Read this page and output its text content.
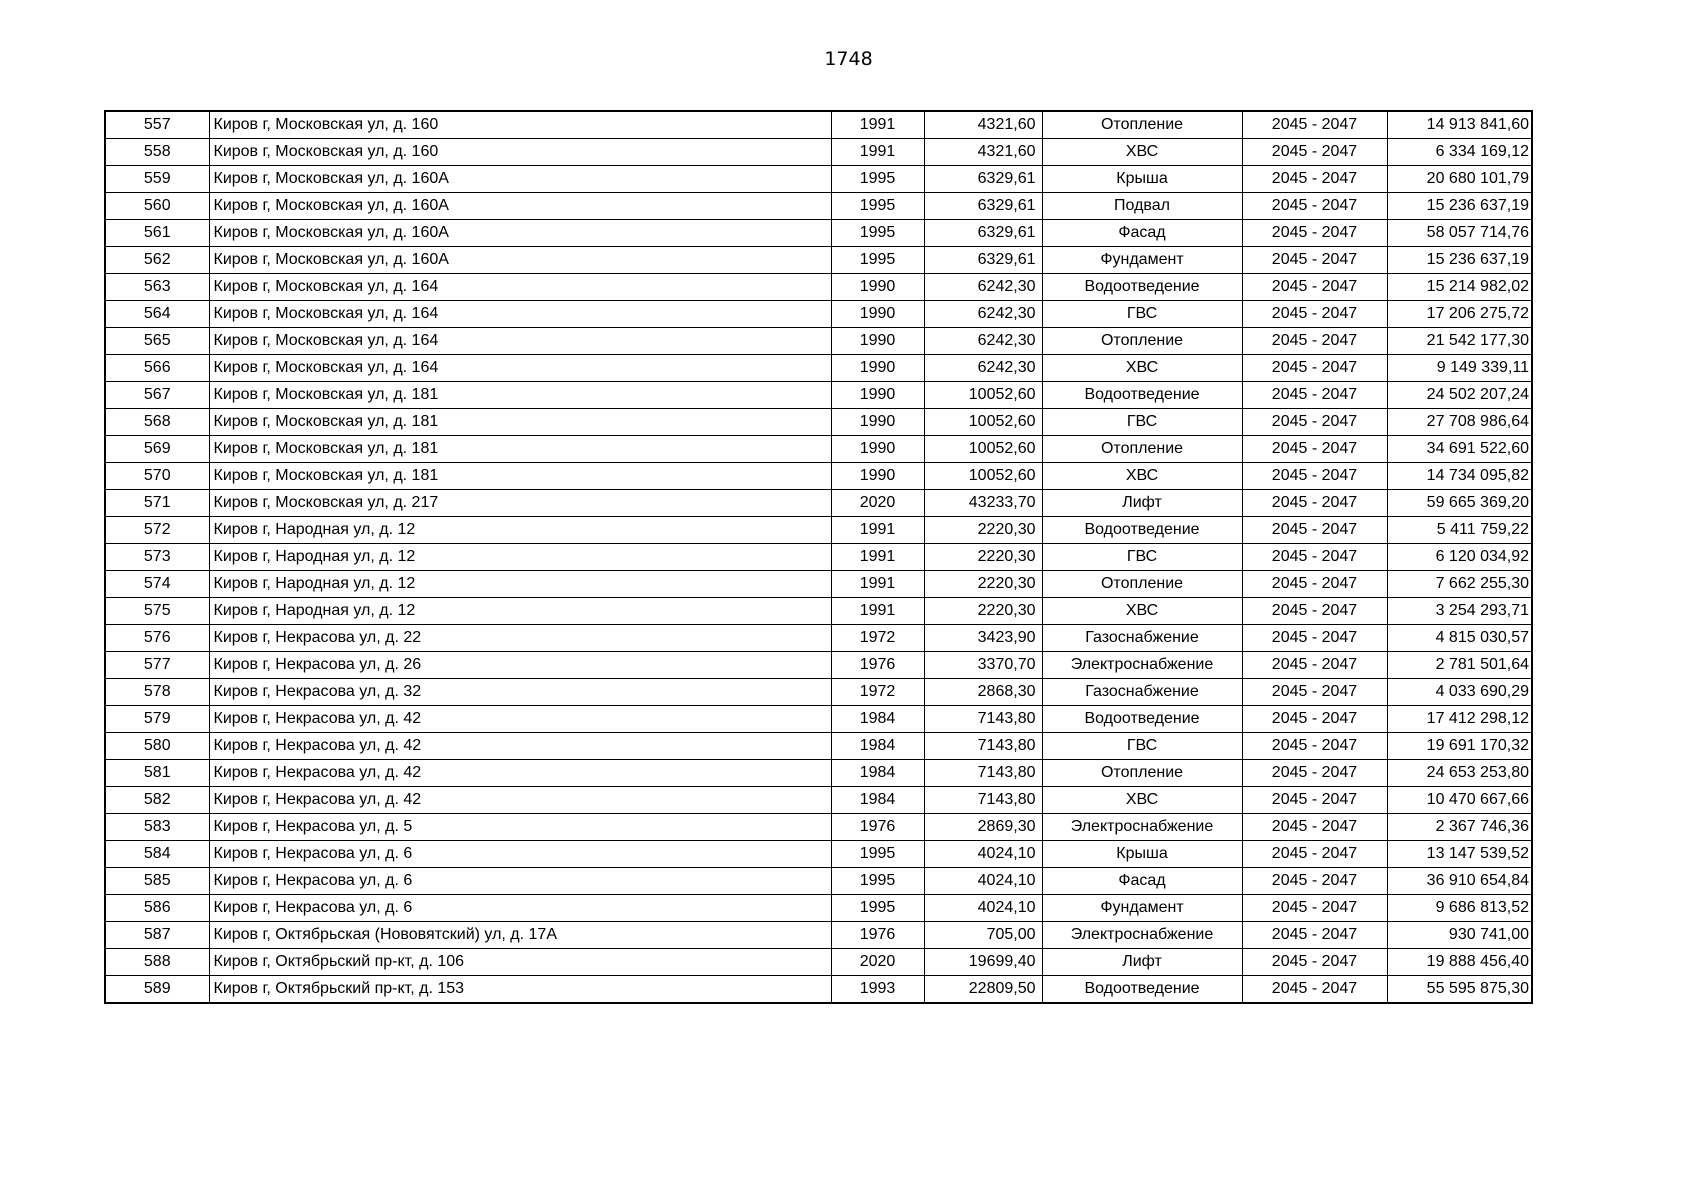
1748
557	Киров г, Московская ул, д. 160	1991	4321,60	Отопление	2045 - 2047	14 913 841,60
558	Киров г, Московская ул, д. 160	1991	4321,60	ХВС	2045 - 2047	6 334 169,12
559	Киров г, Московская ул, д. 160А	1995	6329,61	Крыша	2045 - 2047	20 680 101,79
560	Киров г, Московская ул, д. 160А	1995	6329,61	Подвал	2045 - 2047	15 236 637,19
561	Киров г, Московская ул, д. 160А	1995	6329,61	Фасад	2045 - 2047	58 057 714,76
562	Киров г, Московская ул, д. 160А	1995	6329,61	Фундамент	2045 - 2047	15 236 637,19
563	Киров г, Московская ул, д. 164	1990	6242,30	Водоотведение	2045 - 2047	15 214 982,02
564	Киров г, Московская ул, д. 164	1990	6242,30	ГВС	2045 - 2047	17 206 275,72
565	Киров г, Московская ул, д. 164	1990	6242,30	Отопление	2045 - 2047	21 542 177,30
566	Киров г, Московская ул, д. 164	1990	6242,30	ХВС	2045 - 2047	9 149 339,11
567	Киров г, Московская ул, д. 181	1990	10052,60	Водоотведение	2045 - 2047	24 502 207,24
568	Киров г, Московская ул, д. 181	1990	10052,60	ГВС	2045 - 2047	27 708 986,64
569	Киров г, Московская ул, д. 181	1990	10052,60	Отопление	2045 - 2047	34 691 522,60
570	Киров г, Московская ул, д. 181	1990	10052,60	ХВС	2045 - 2047	14 734 095,82
571	Киров г, Московская ул, д. 217	2020	43233,70	Лифт	2045 - 2047	59 665 369,20
572	Киров г, Народная ул, д. 12	1991	2220,30	Водоотведение	2045 - 2047	5 411 759,22
573	Киров г, Народная ул, д. 12	1991	2220,30	ГВС	2045 - 2047	6 120 034,92
574	Киров г, Народная ул, д. 12	1991	2220,30	Отопление	2045 - 2047	7 662 255,30
575	Киров г, Народная ул, д. 12	1991	2220,30	ХВС	2045 - 2047	3 254 293,71
576	Киров г, Некрасова ул, д. 22	1972	3423,90	Газоснабжение	2045 - 2047	4 815 030,57
577	Киров г, Некрасова ул, д. 26	1976	3370,70	Электроснабжение	2045 - 2047	2 781 501,64
578	Киров г, Некрасова ул, д. 32	1972	2868,30	Газоснабжение	2045 - 2047	4 033 690,29
579	Киров г, Некрасова ул, д. 42	1984	7143,80	Водоотведение	2045 - 2047	17 412 298,12
580	Киров г, Некрасова ул, д. 42	1984	7143,80	ГВС	2045 - 2047	19 691 170,32
581	Киров г, Некрасова ул, д. 42	1984	7143,80	Отопление	2045 - 2047	24 653 253,80
582	Киров г, Некрасова ул, д. 42	1984	7143,80	ХВС	2045 - 2047	10 470 667,66
583	Киров г, Некрасова ул, д. 5	1976	2869,30	Электроснабжение	2045 - 2047	2 367 746,36
584	Киров г, Некрасова ул, д. 6	1995	4024,10	Крыша	2045 - 2047	13 147 539,52
585	Киров г, Некрасова ул, д. 6	1995	4024,10	Фасад	2045 - 2047	36 910 654,84
586	Киров г, Некрасова ул, д. 6	1995	4024,10	Фундамент	2045 - 2047	9 686 813,52
587	Киров г, Октябрьская (Нововятский) ул, д. 17А	1976	705,00	Электроснабжение	2045 - 2047	930 741,00
588	Киров г, Октябрьский пр-кт, д. 106	2020	19699,40	Лифт	2045 - 2047	19 888 456,40
589	Киров г, Октябрьский пр-кт, д. 153	1993	22809,50	Водоотведение	2045 - 2047	55 595 875,30
